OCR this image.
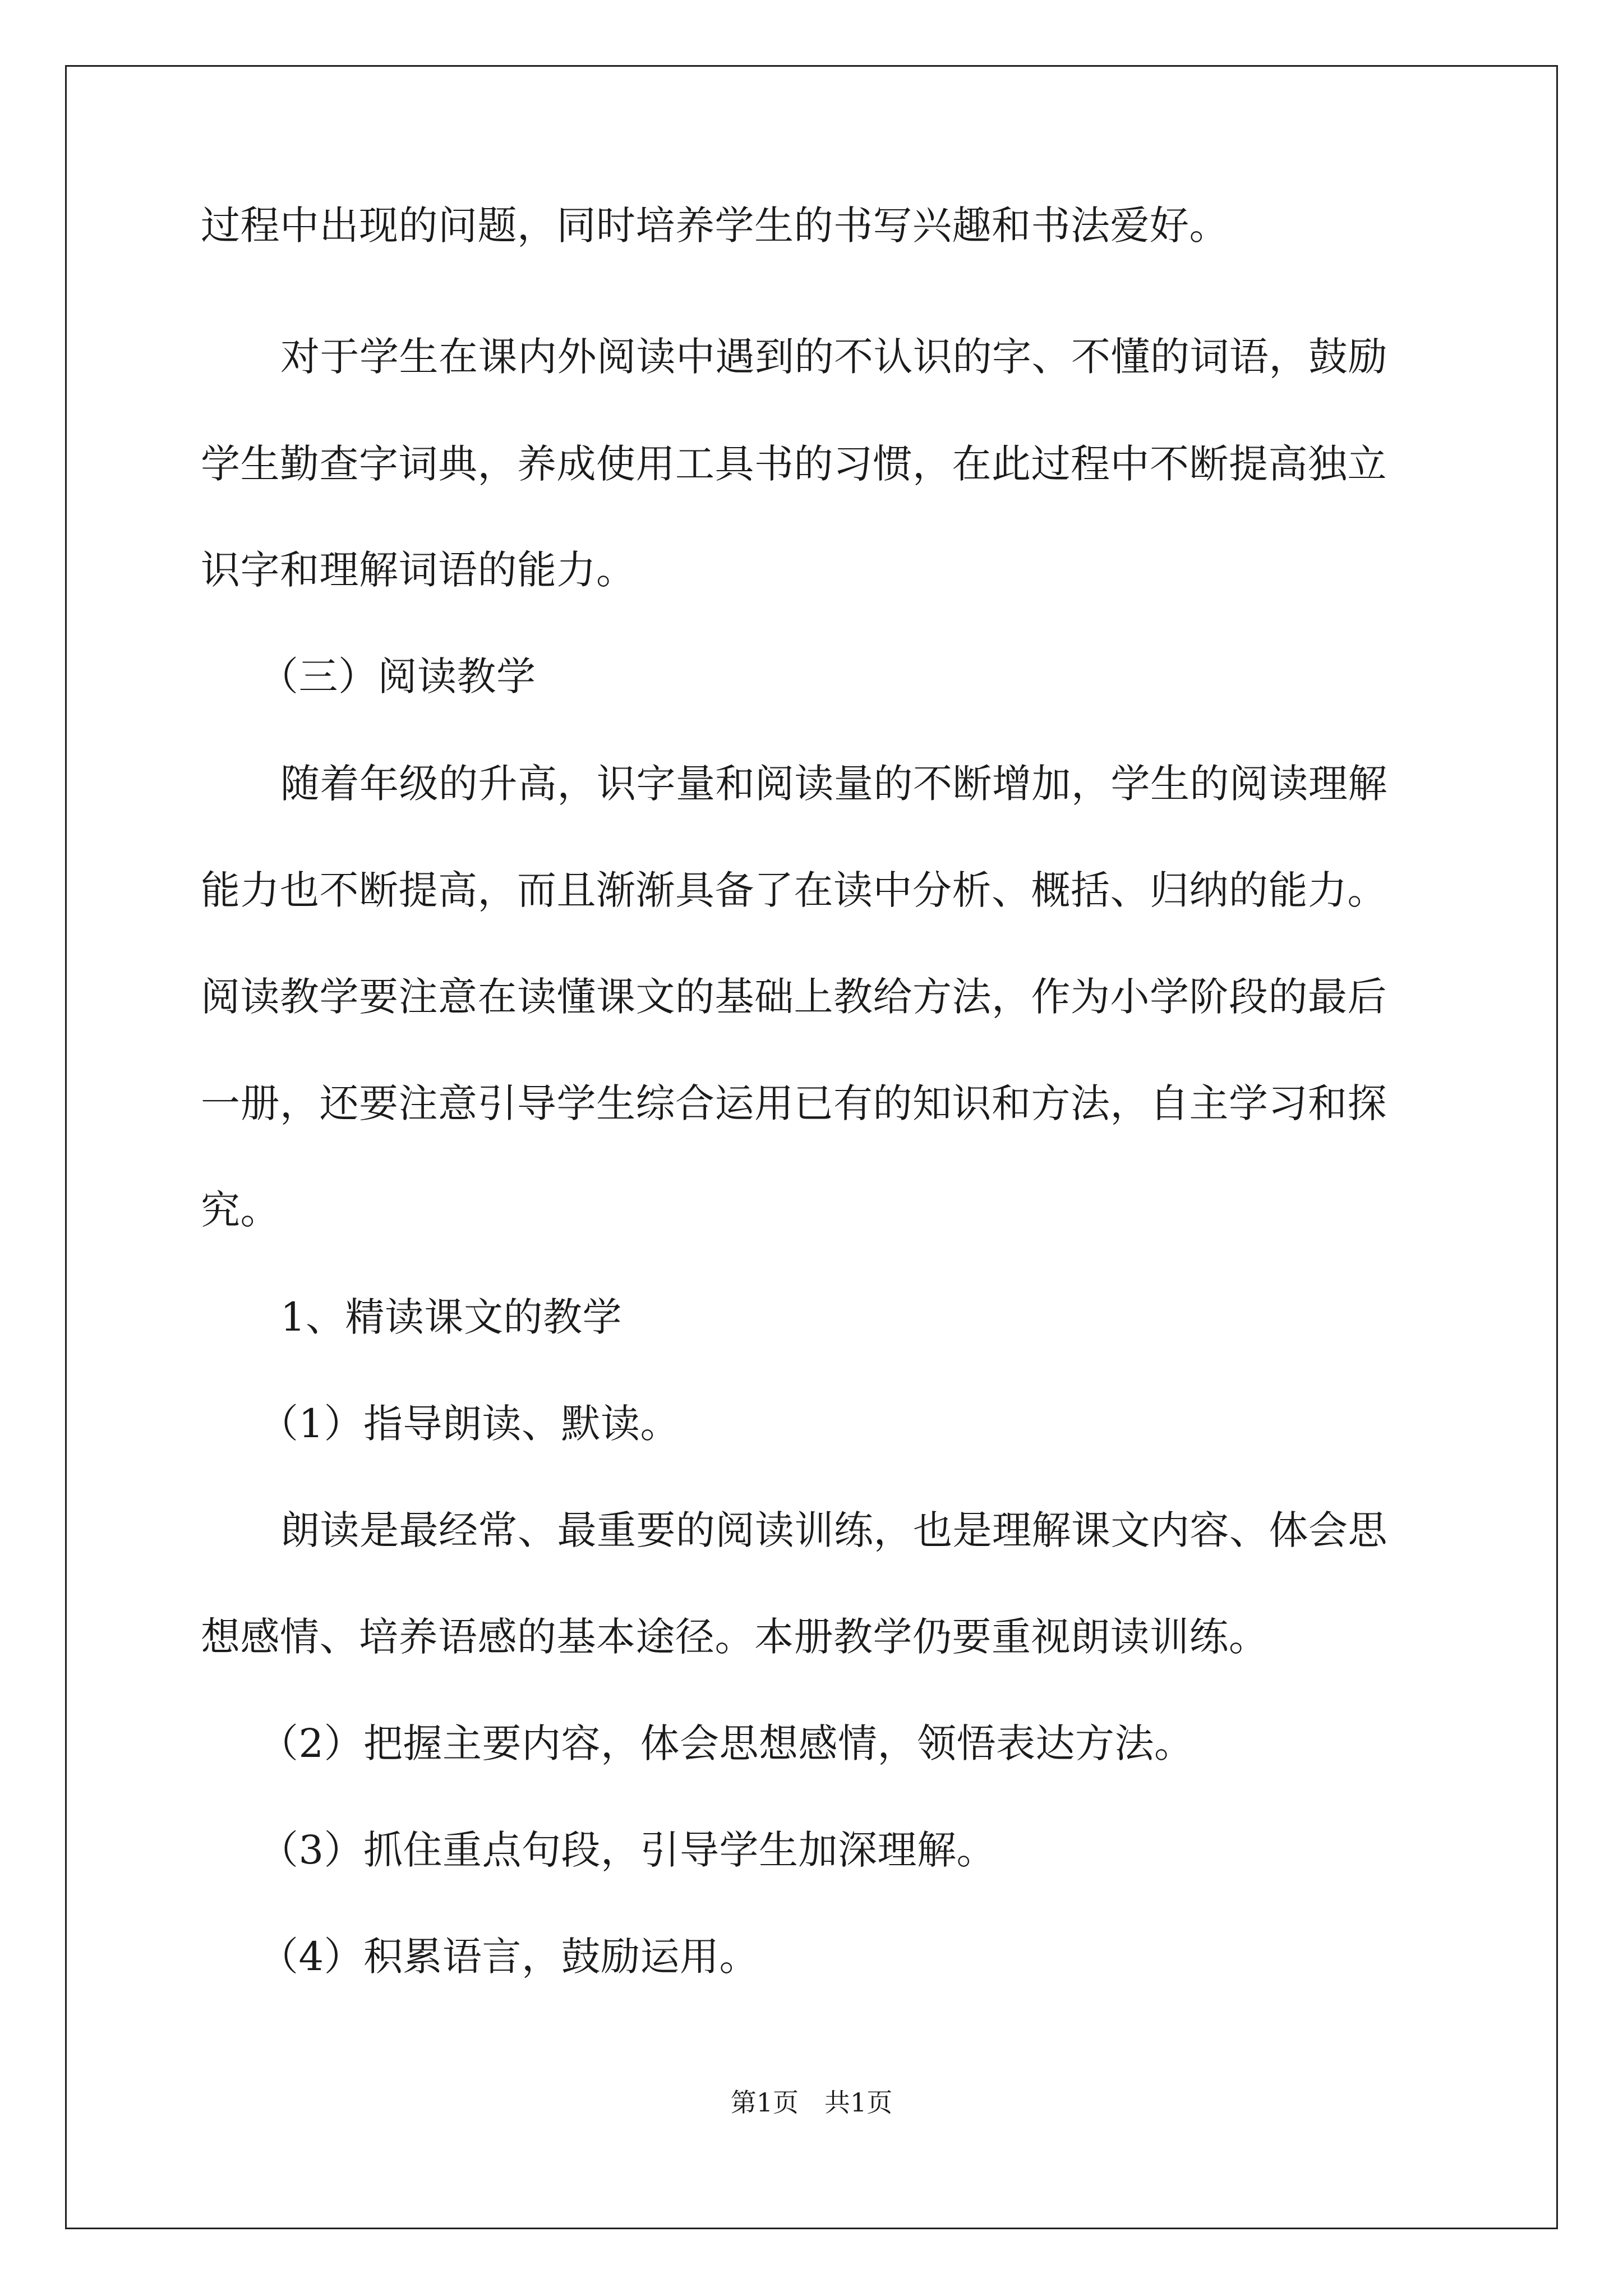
过程中出现的问题，同时培养学生的书写兴趣和书法爱好。
对于学生在课内外阅读中遇到的不认识的字、不懂的词语，鼓励
学生勤查字词典，养成使用工具书的习惯，在此过程中不断提高独立
识字和理解词语的能力。
（三）阅读教学
随着年级的升高，识字量和阅读量的不断增加，学生的阅读理解
能力也不断提高，而且渐渐具备了在读中分析、概括、归纳的能力。
阅读教学要注意在读懂课文的基础上教给方法，作为小学阶段的最后
一册，还要注意引导学生综合运用已有的知识和方法，自主学习和探
究。
1、精读课文的教学
（1）指导朗读、默读。
朗读是最经常、最重要的阅读训练，也是理解课文内容、体会思
想感情、培养语感的基本途径。本册教学仍要重视朗读训练。
（2）把握主要内容，体会思想感情，领悟表达方法。
（3）抓住重点句段，引导学生加深理解。
（4）积累语言，鼓励运用。
第1页　共1页
